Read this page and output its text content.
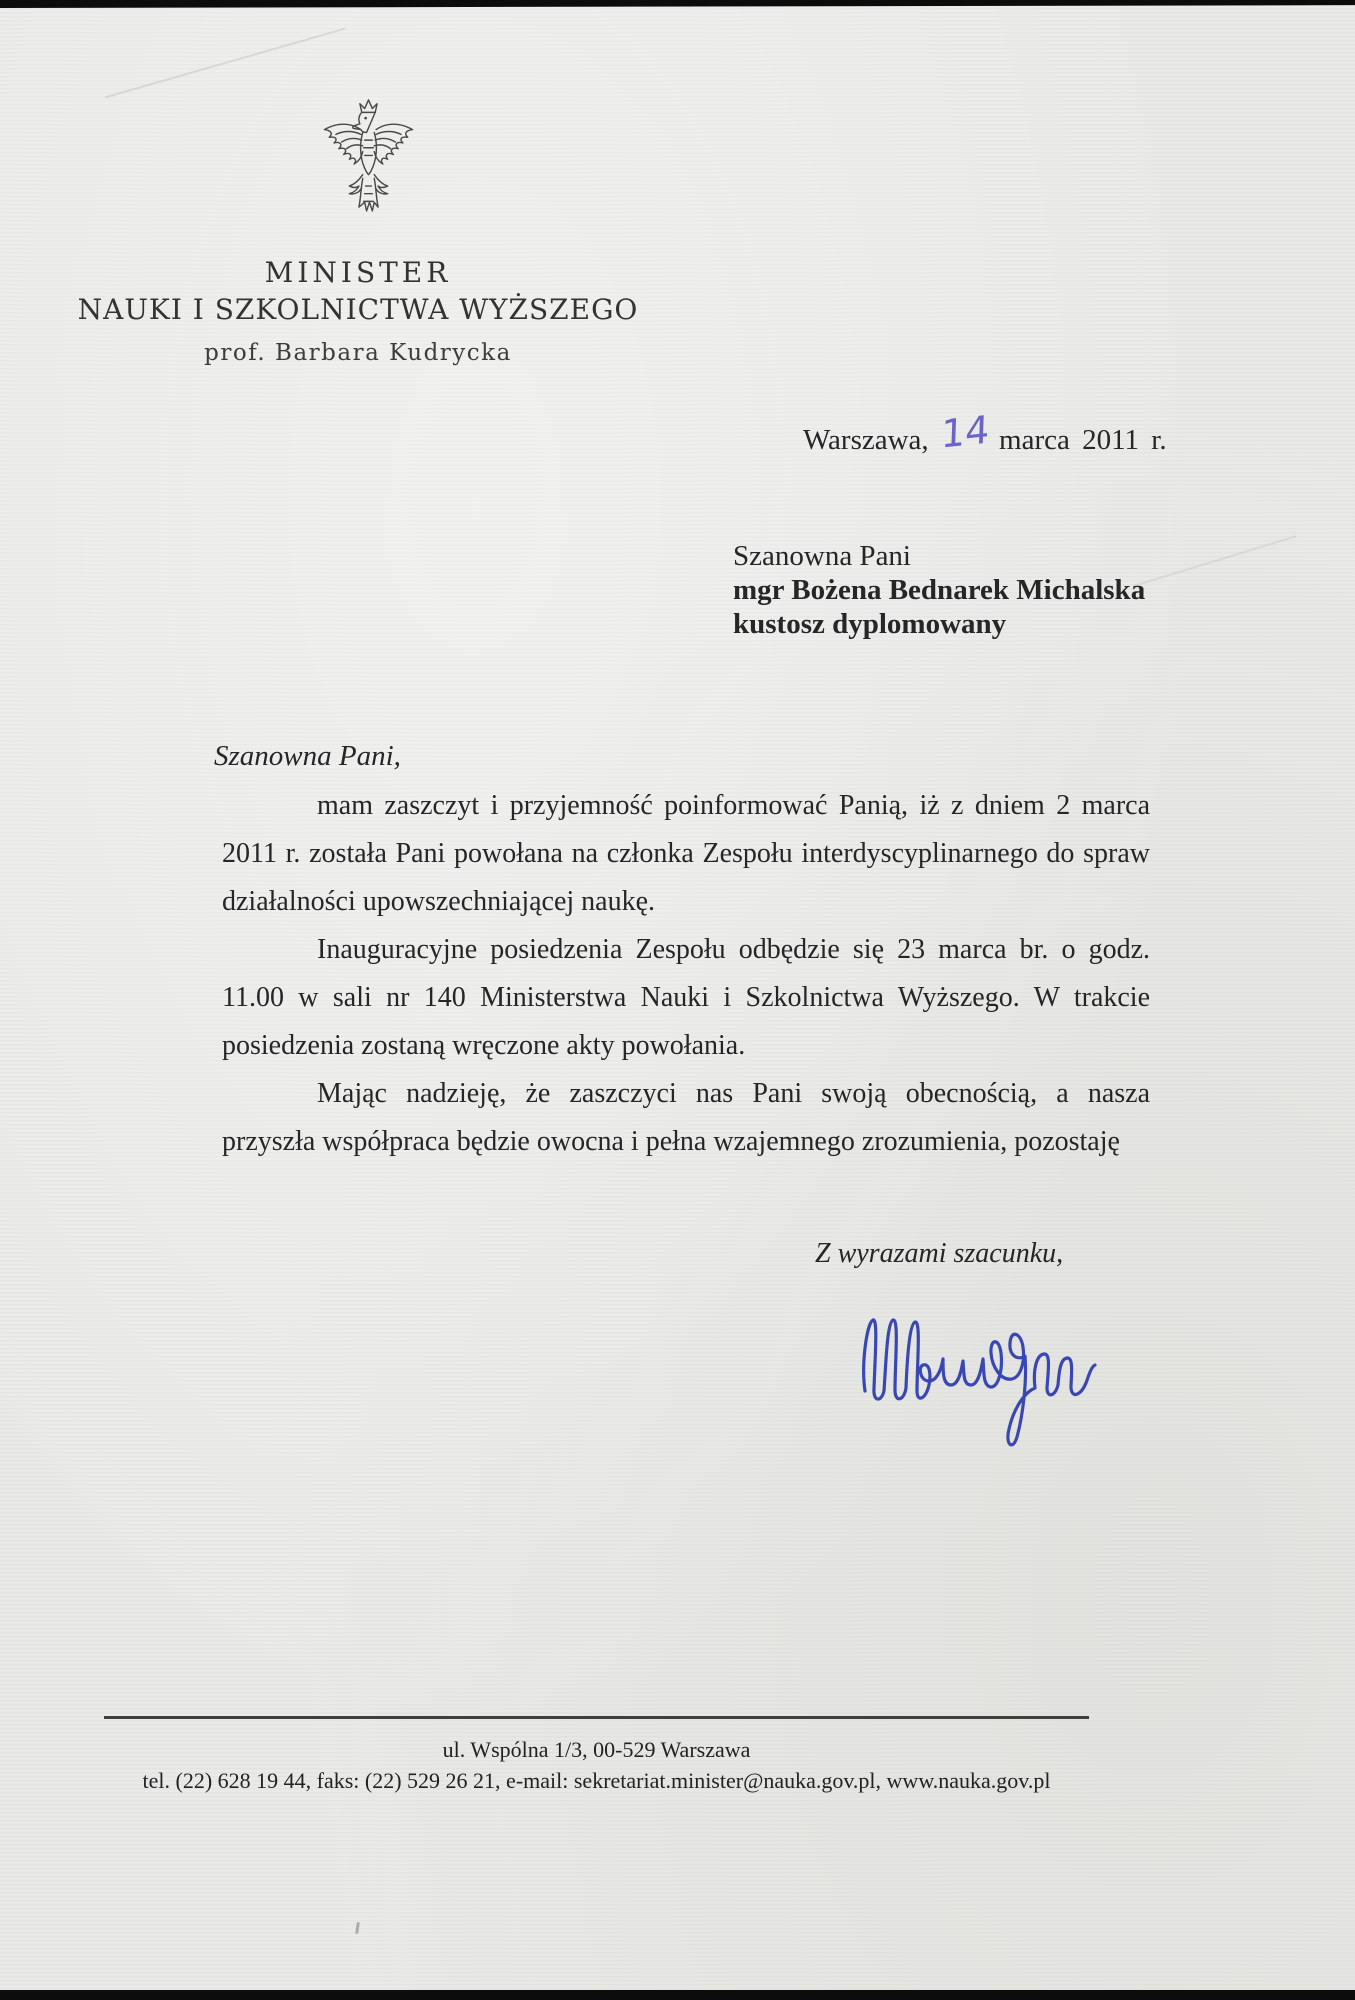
MINISTER
NAUKI I SZKOLNICTWA WYŻSZEGO
prof. Barbara Kudrycka
Warszawa, 14 marca 2011 r.
Szanowna Pani
mgr Bożena Bednarek Michalska
kustosz dyplomowany
Szanowna Pani,
mam zaszczyt i przyjemność poinformować Panią, iż z dniem 2 marca
2011 r. została Pani powołana na członka Zespołu interdyscyplinarnego do spraw
działalności upowszechniającej naukę.
Inauguracyjne posiedzenia Zespołu odbędzie się 23 marca br. o godz.
11.00 w sali nr 140 Ministerstwa Nauki i Szkolnictwa Wyższego. W trakcie
posiedzenia zostaną wręczone akty powołania.
Mając nadzieję, że zaszczyci nas Pani swoją obecnością, a nasza
przyszła współpraca będzie owocna i pełna wzajemnego zrozumienia, pozostaję
Z wyrazami szacunku,
ul. Wspólna 1/3, 00-529 Warszawa
tel. (22) 628 19 44, faks: (22) 529 26 21, e-mail: sekretariat.minister@nauka.gov.pl, www.nauka.gov.pl
